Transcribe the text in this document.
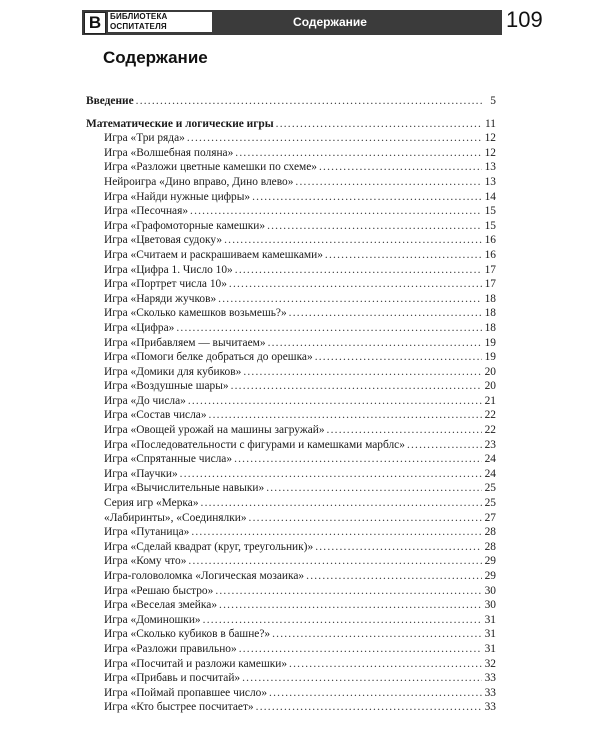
В	БИБЛИОТЕКА
ОСПИТАТЕЛЯ	Содержание	109
Содержание
Введение .....	5
Математические и логические игры .....	11
Игра «Три ряда» .....	12
Игра «Волшебная поляна» .....	12
Игра «Разложи цветные камешки по схеме» .....	13
Нейроигра «Дино вправо, Дино влево» .....	13
Игра «Найди нужные цифры» .....	14
Игра «Песочная» .....	15
Игра «Графомоторные камешки» .....	15
Игра «Цветовая судоку» .....	16
Игра «Считаем и раскрашиваем камешками» .....	16
Игра «Цифра 1. Число 10» .....	17
Игра «Портрет числа 10» .....	17
Игра «Наряди жучков» .....	18
Игра «Сколько камешков возьмешь?» .....	18
Игра «Цифра» .....	18
Игра «Прибавляем — вычитаем» .....	19
Игра «Помоги белке добраться до орешка» .....	19
Игра «Домики для кубиков» .....	20
Игра «Воздушные шары» .....	20
Игра «До числа» .....	21
Игра «Состав числа» .....	22
Игра «Овощей урожай на машины загружай» .....	22
Игра «Последовательности с фигурами и камешками марблс» .....	23
Игра «Спрятанные числа» .....	24
Игра «Паучки» .....	24
Игра «Вычислительные навыки» .....	25
Серия игр «Мерка» .....	25
«Лабиринты», «Соединялки» .....	27
Игра «Путаница» .....	28
Игра «Сделай квадрат (круг, треугольник)» .....	28
Игра «Кому что» .....	29
Игра-головоломка «Логическая мозаика» .....	29
Игра «Решаю быстро» .....	30
Игра «Веселая змейка» .....	30
Игра «Доминошки» .....	31
Игра «Сколько кубиков в башне?» .....	31
Игра «Разложи правильно» .....	31
Игра «Посчитай и разложи камешки» .....	32
Игра «Прибавь и посчитай» .....	33
Игра «Поймай пропавшее число» .....	33
Игра «Кто быстрее посчитает» .....	33
